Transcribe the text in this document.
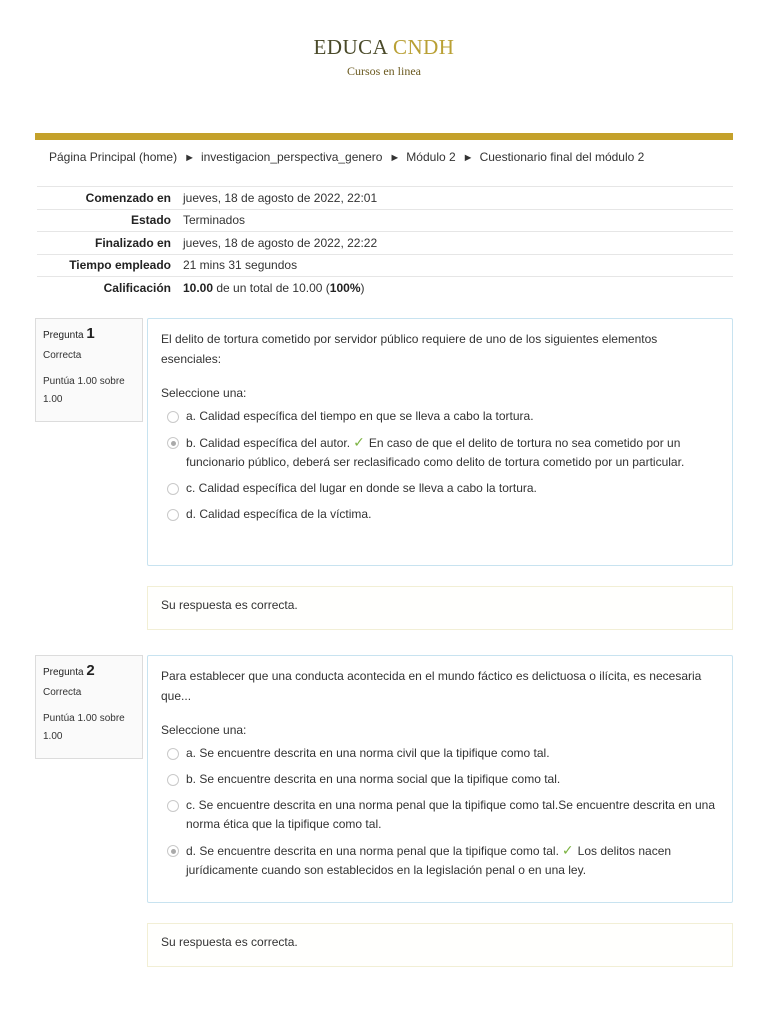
EDUCA CNDH
Cursos en linea
Página Principal (home) ► investigacion_perspectiva_genero ► Módulo 2 ► Cuestionario final del módulo 2
Comenzado en	jueves, 18 de agosto de 2022, 22:01
Estado	Terminados
Finalizado en	jueves, 18 de agosto de 2022, 22:22
Tiempo empleado	21 mins 31 segundos
Calificación	10.00 de un total de 10.00 (100%)
Pregunta 1
Correcta
Puntúa 1.00 sobre 1.00
El delito de tortura cometido por servidor público requiere de uno de los siguientes elementos esenciales:
Seleccione una:
a. Calidad específica del tiempo en que se lleva a cabo la tortura.
b. Calidad específica del autor. ✓ En caso de que el delito de tortura no sea cometido por un funcionario público, deberá ser reclasificado como delito de tortura cometido por un particular.
c. Calidad específica del lugar en donde se lleva a cabo la tortura.
d. Calidad específica de la víctima.
Su respuesta es correcta.
Pregunta 2
Correcta
Puntúa 1.00 sobre 1.00
Para establecer que una conducta acontecida en el mundo fáctico es delictuosa o ilícita, es necesaria que...
Seleccione una:
a. Se encuentre descrita en una norma civil que la tipifique como tal.
b. Se encuentre descrita en una norma social que la tipifique como tal.
c. Se encuentre descrita en una norma penal que la tipifique como tal.Se encuentre descrita en una norma ética que la tipifique como tal.
d. Se encuentre descrita en una norma penal que la tipifique como tal. ✓ Los delitos nacen jurídicamente cuando son establecidos en la legislación penal o en una ley.
Su respuesta es correcta.
